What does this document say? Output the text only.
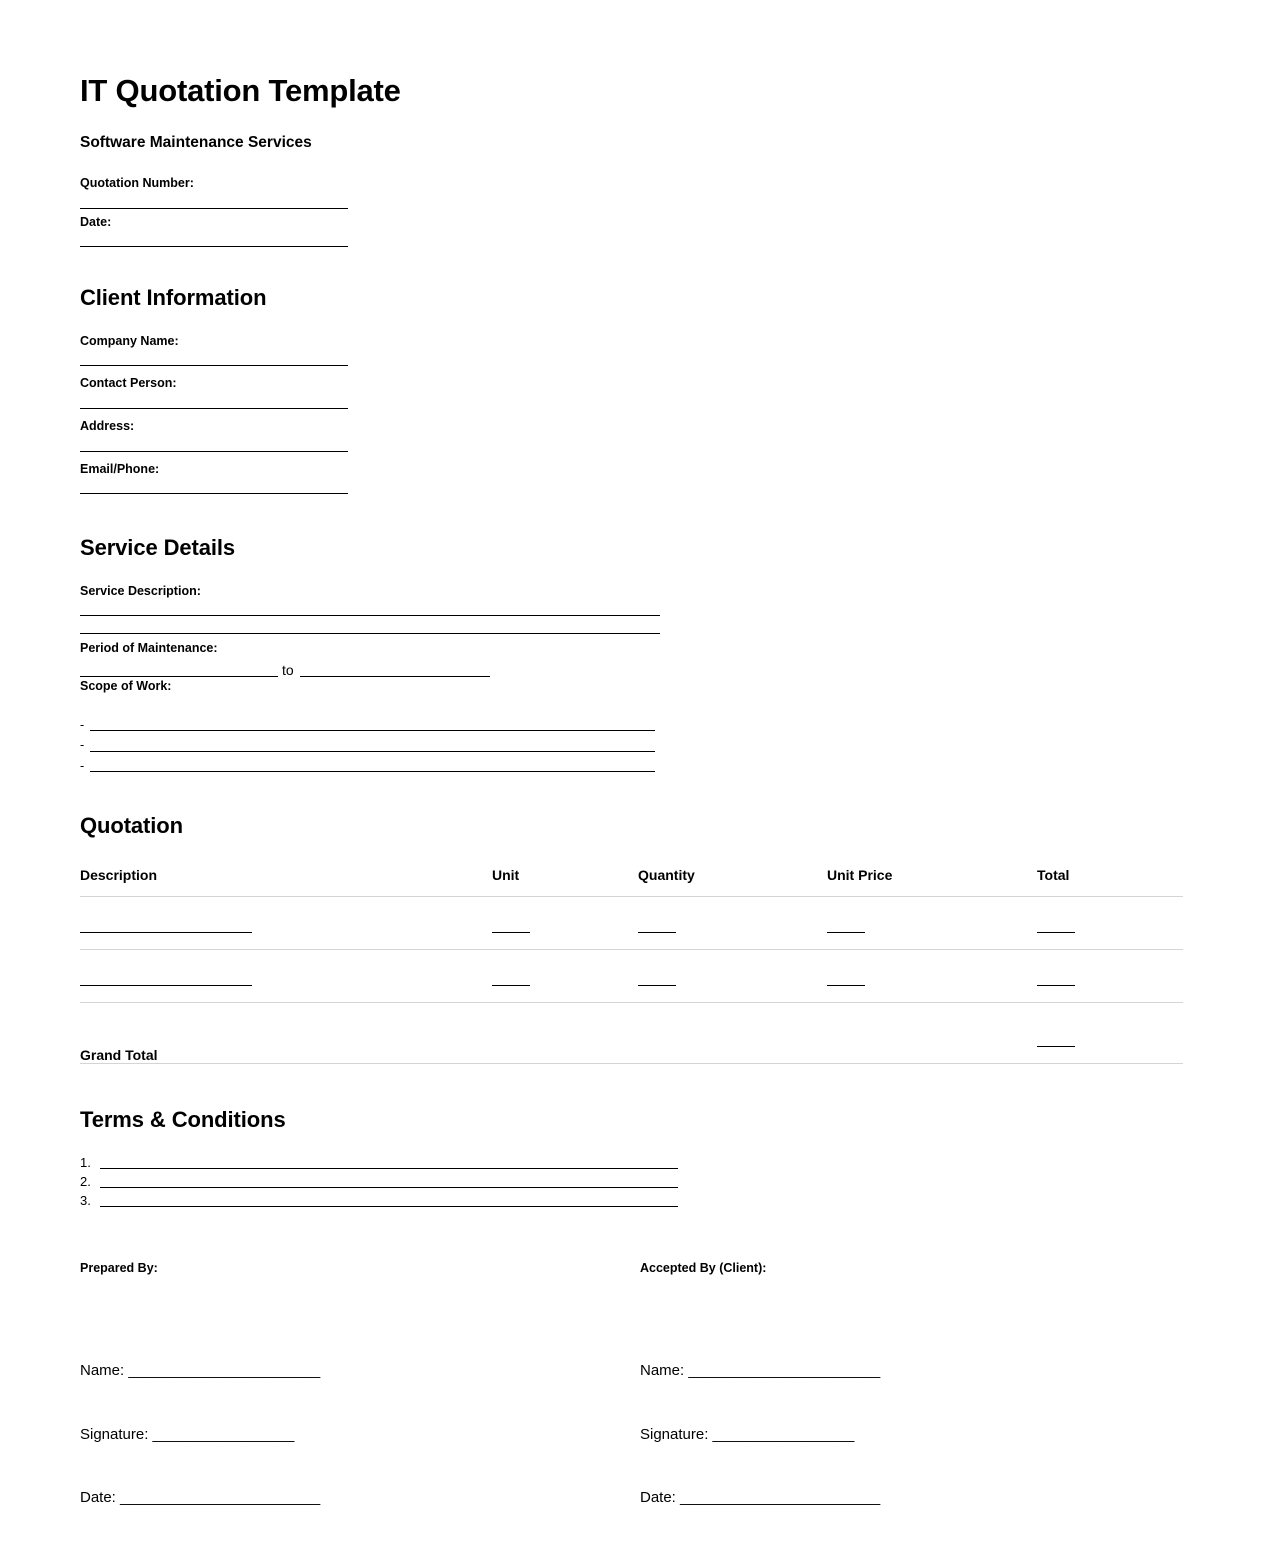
IT Quotation Template
Software Maintenance Services
Quotation Number:
Date:
Client Information
Company Name:
Contact Person:
Address:
Email/Phone:
Service Details
Service Description:
Period of Maintenance:
to
Scope of Work:
-
-
-
Quotation
Description	Unit	Quantity	Unit Price	Total

Grand Total				
Terms & Conditions
1.
2.
3.
Prepared By:

Name: _______________________

Signature: _________________

Date: ________________________

Accepted By (Client):

Name: _______________________

Signature: _________________

Date: ________________________
